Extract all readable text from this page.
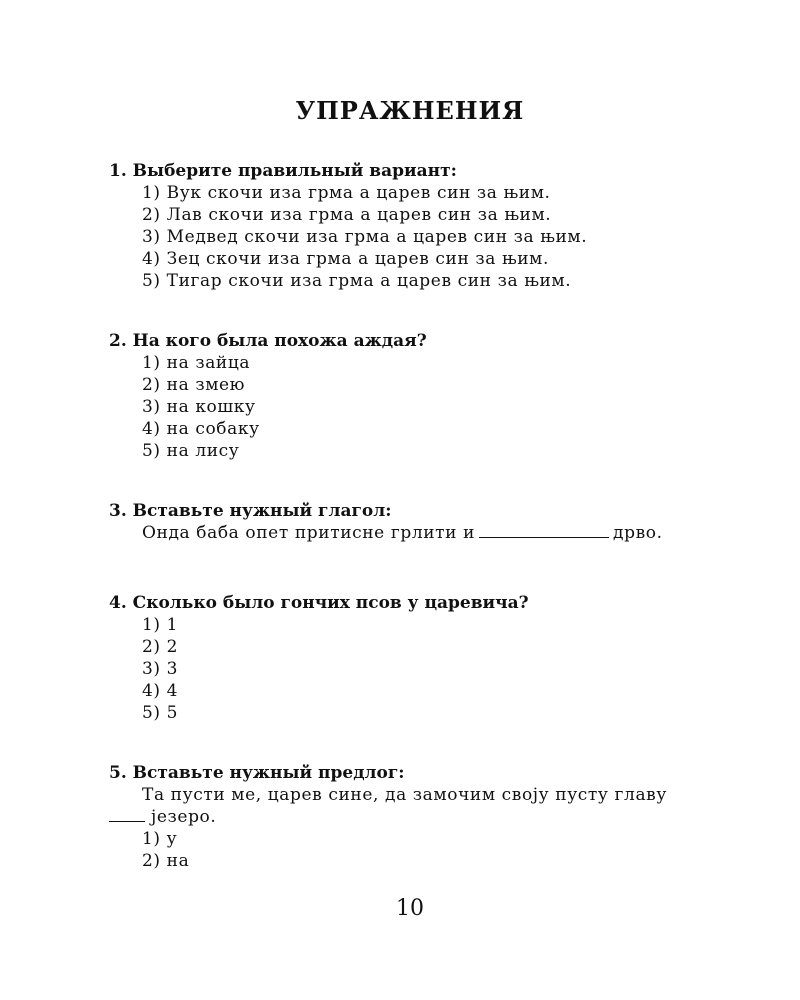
УПРАЖНЕНИЯ

1. Выберите правильный вариант:

1) Вук скочи иза грма а царев син за њим.
2) Лав скочи иза грма а царев син за њим.
3) Медвед скочи иза грма а царев син за њим.
4) Зец скочи иза грма а царев син за њим.
5) Тигар скочи иза грма а царев син за њим.

2. На кого была похожа аждая?

1) на зайца
2) на змею
3) на кошку
4) на собаку
5) на лису

3. Вставьте нужный глагол:

Онда баба опет притисне грлити и	дрво.

4. Сколько было гончих псов у царевича?

1) 1
2) 2
3) 3
4) 4
5) 5

5. Вставьте нужный предлог:

Та пусти ме, царев сине, да замочим своју пусту главу
језеро.

1) у
2) на

10
